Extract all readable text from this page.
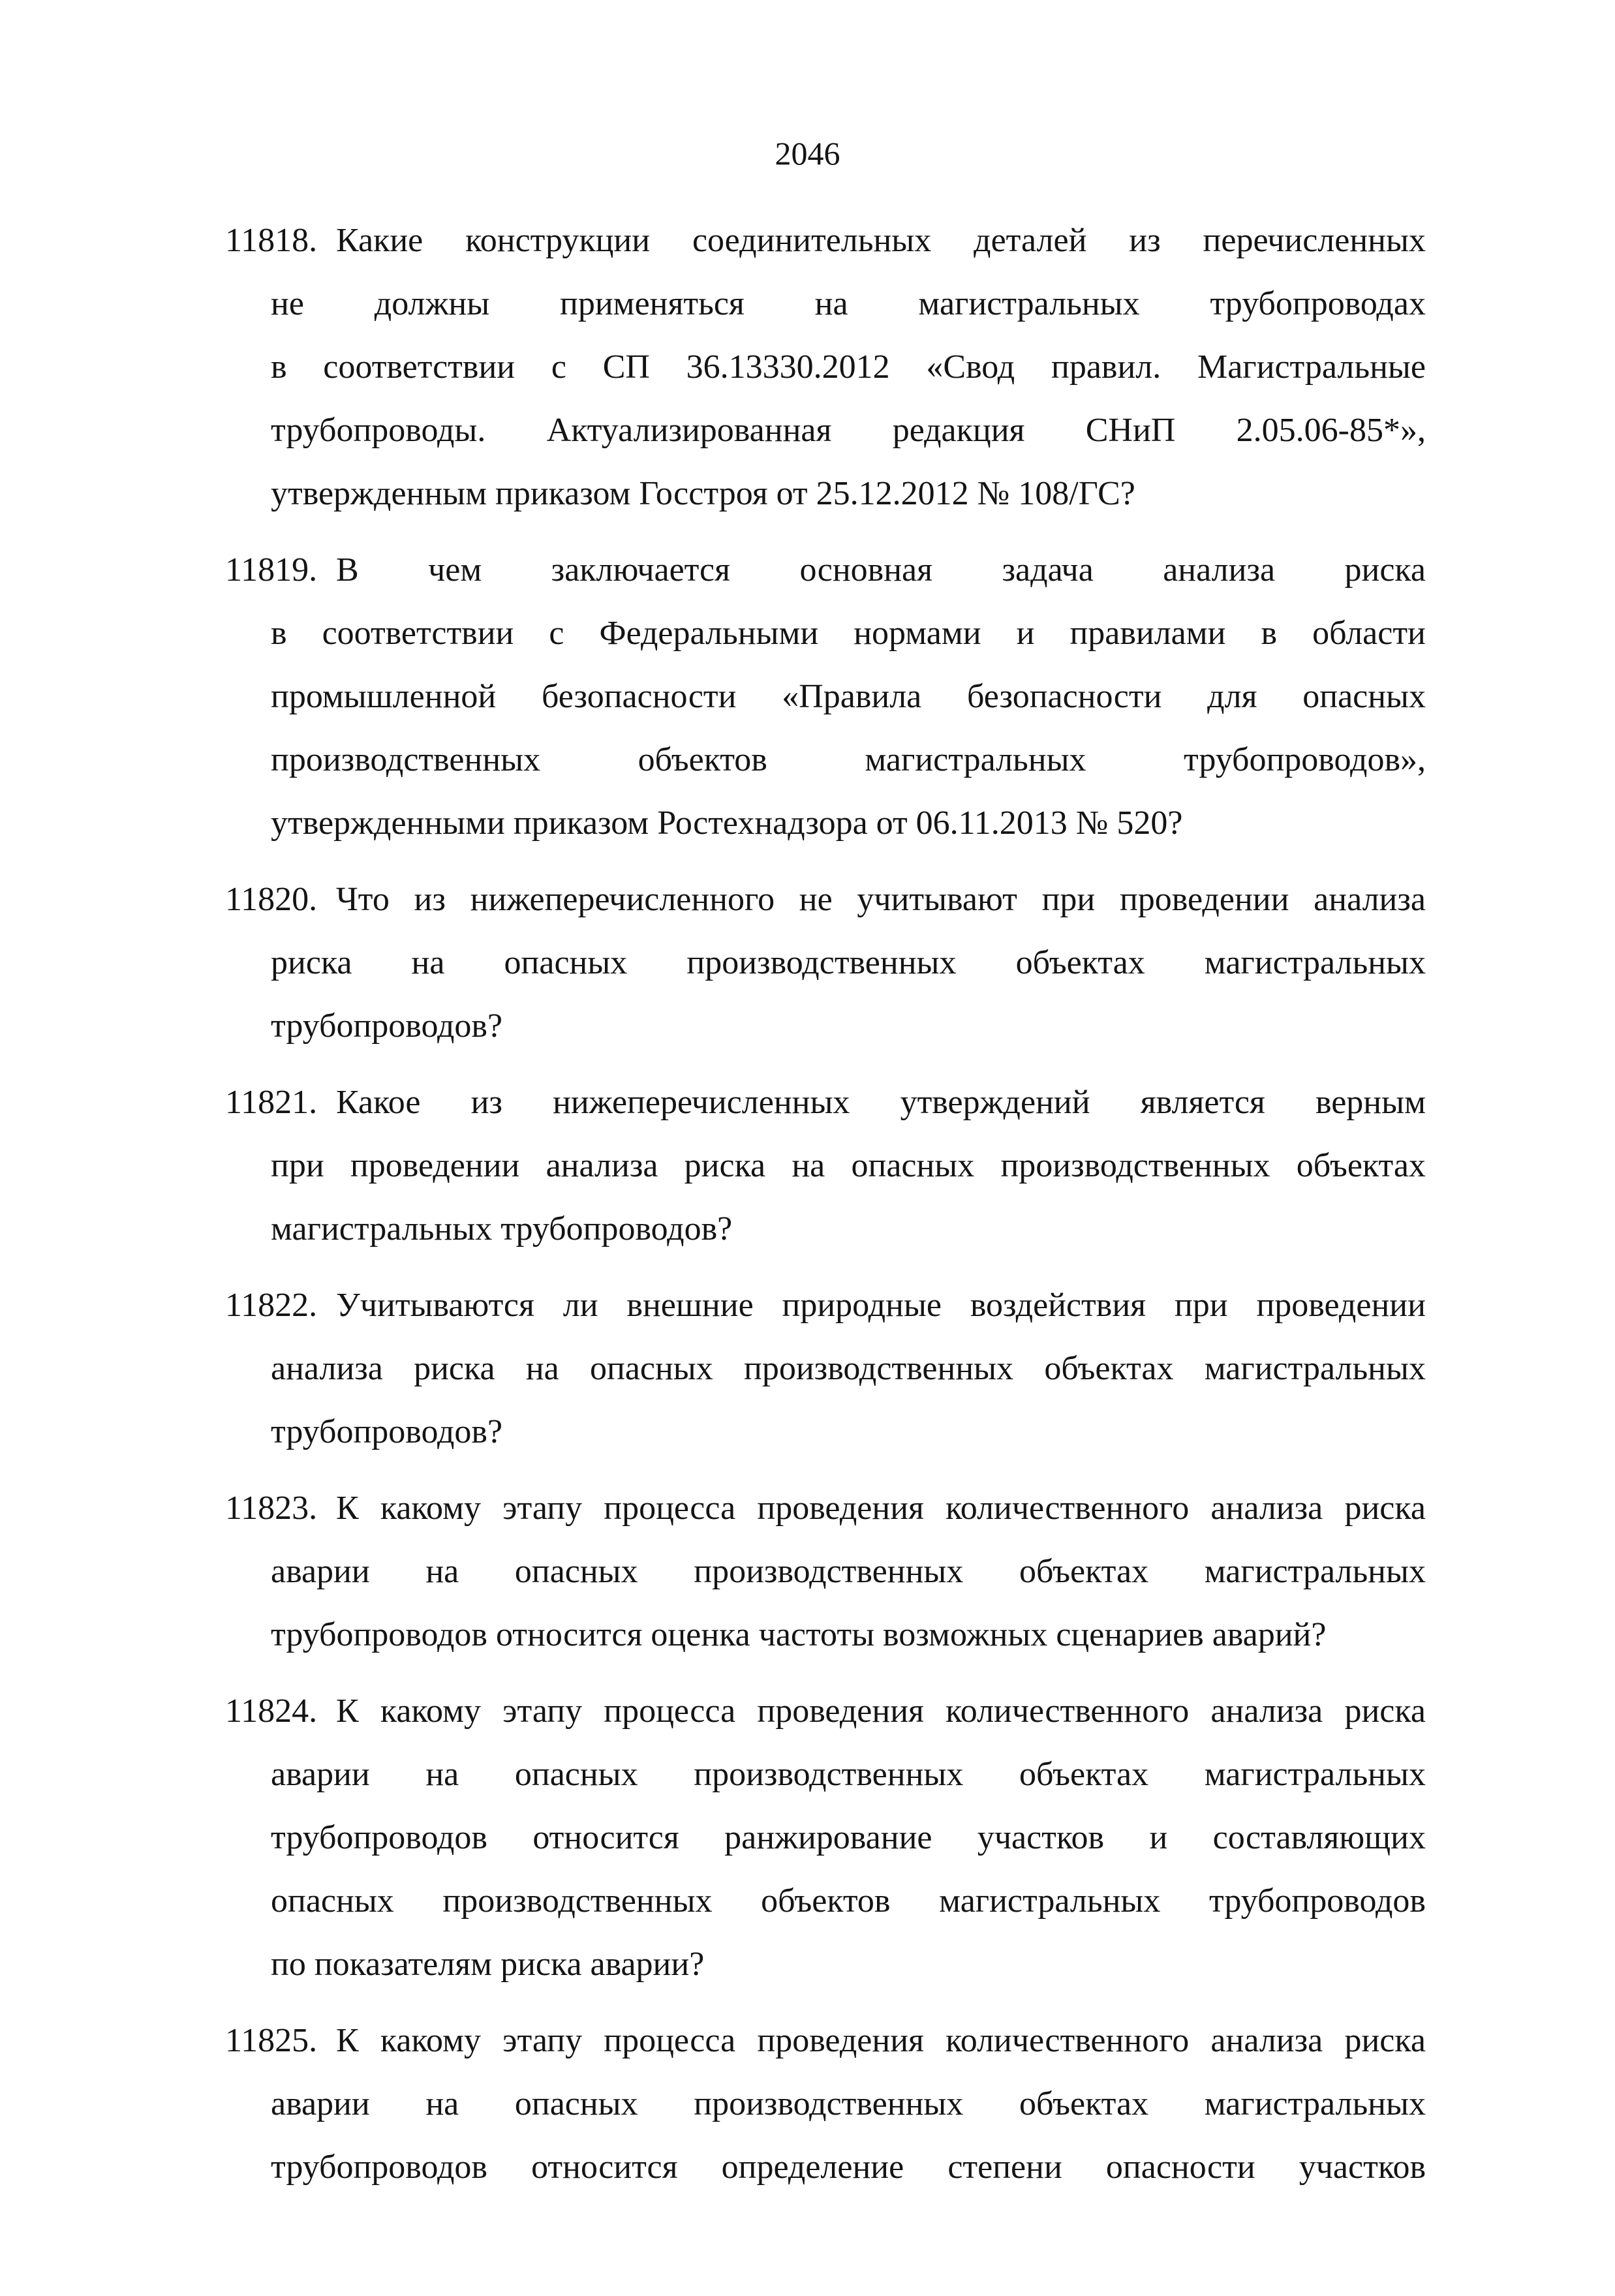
2046
11818. Какие конструкции соединительных деталей из перечисленных
не должны применяться на магистральных трубопроводах
в соответствии с СП 36.13330.2012 «Свод правил. Магистральные
трубопроводы. Актуализированная редакция СНиП 2.05.06-85*»,
утвержденным приказом Госстроя от 25.12.2012 № 108/ГС?
11819. В чем заключается основная задача анализа риска
в соответствии с Федеральными нормами и правилами в области
промышленной безопасности «Правила безопасности для опасных
производственных	объектов	магистральных	трубопроводов»,
утвержденными приказом Ростехнадзора от 06.11.2013 № 520?
11820. Что из нижеперечисленного не учитывают при проведении анализа
риска на опасных производственных объектах магистральных
трубопроводов?
11821. Какое из нижеперечисленных утверждений является верным
при проведении анализа риска на опасных производственных объектах
магистральных трубопроводов?
11822. Учитываются ли внешние природные воздействия при проведении
анализа риска на опасных производственных объектах магистральных
трубопроводов?
11823. К какому этапу процесса проведения количественного анализа риска
аварии на опасных производственных объектах магистральных
трубопроводов относится оценка частоты возможных сценариев аварий?
11824. К какому этапу процесса проведения количественного анализа риска
аварии на опасных производственных объектах магистральных
трубопроводов относится ранжирование участков и составляющих
опасных производственных объектов магистральных трубопроводов
по показателям риска аварии?
11825. К какому этапу процесса проведения количественного анализа риска
аварии на опасных производственных объектах магистральных
трубопроводов относится определение степени опасности участков
